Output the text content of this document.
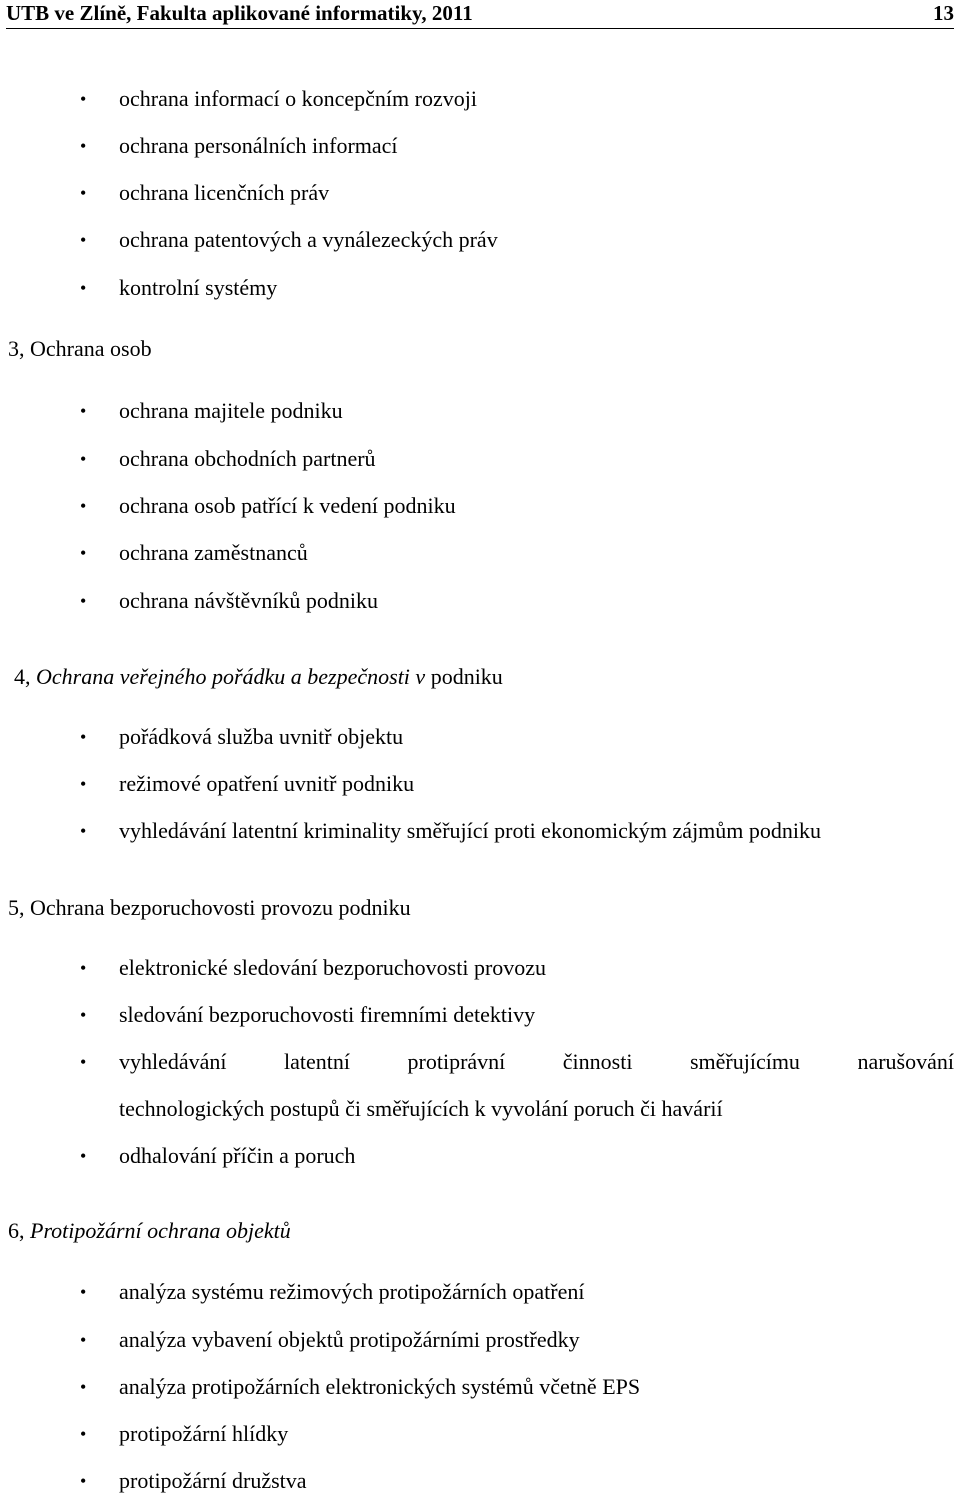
UTB ve Zlíně, Fakulta aplikované informatiky, 2011	13
• ochrana informací o koncepčním rozvoji
• ochrana personálních informací
• ochrana licenčních práv
• ochrana patentových a vynálezeckých práv
• kontrolní systémy
3, Ochrana osob
• ochrana majitele podniku
• ochrana obchodních partnerů
• ochrana osob patřící k vedení podniku
• ochrana zaměstnanců
• ochrana návštěvníků podniku
4, Ochrana veřejného pořádku a bezpečnosti v podniku
• pořádková služba uvnitř objektu
• režimové opatření uvnitř podniku
• vyhledávání latentní kriminality směřující proti ekonomickým zájmům podniku
5, Ochrana bezporuchovosti provozu podniku
• elektronické sledování bezporuchovosti provozu
• sledování bezporuchovosti firemními detektivy
• vyhledávání	latentní	protiprávní	činnosti	směřujícímu	narušování
technologických postupů či směřujících k vyvolání poruch či havárií
• odhalování příčin a poruch
6, Protipožární ochrana objektů
• analýza systému režimových protipožárních opatření
• analýza vybavení objektů protipožárními prostředky
• analýza protipožárních elektronických systémů včetně EPS
• protipožární hlídky
• protipožární družstva
